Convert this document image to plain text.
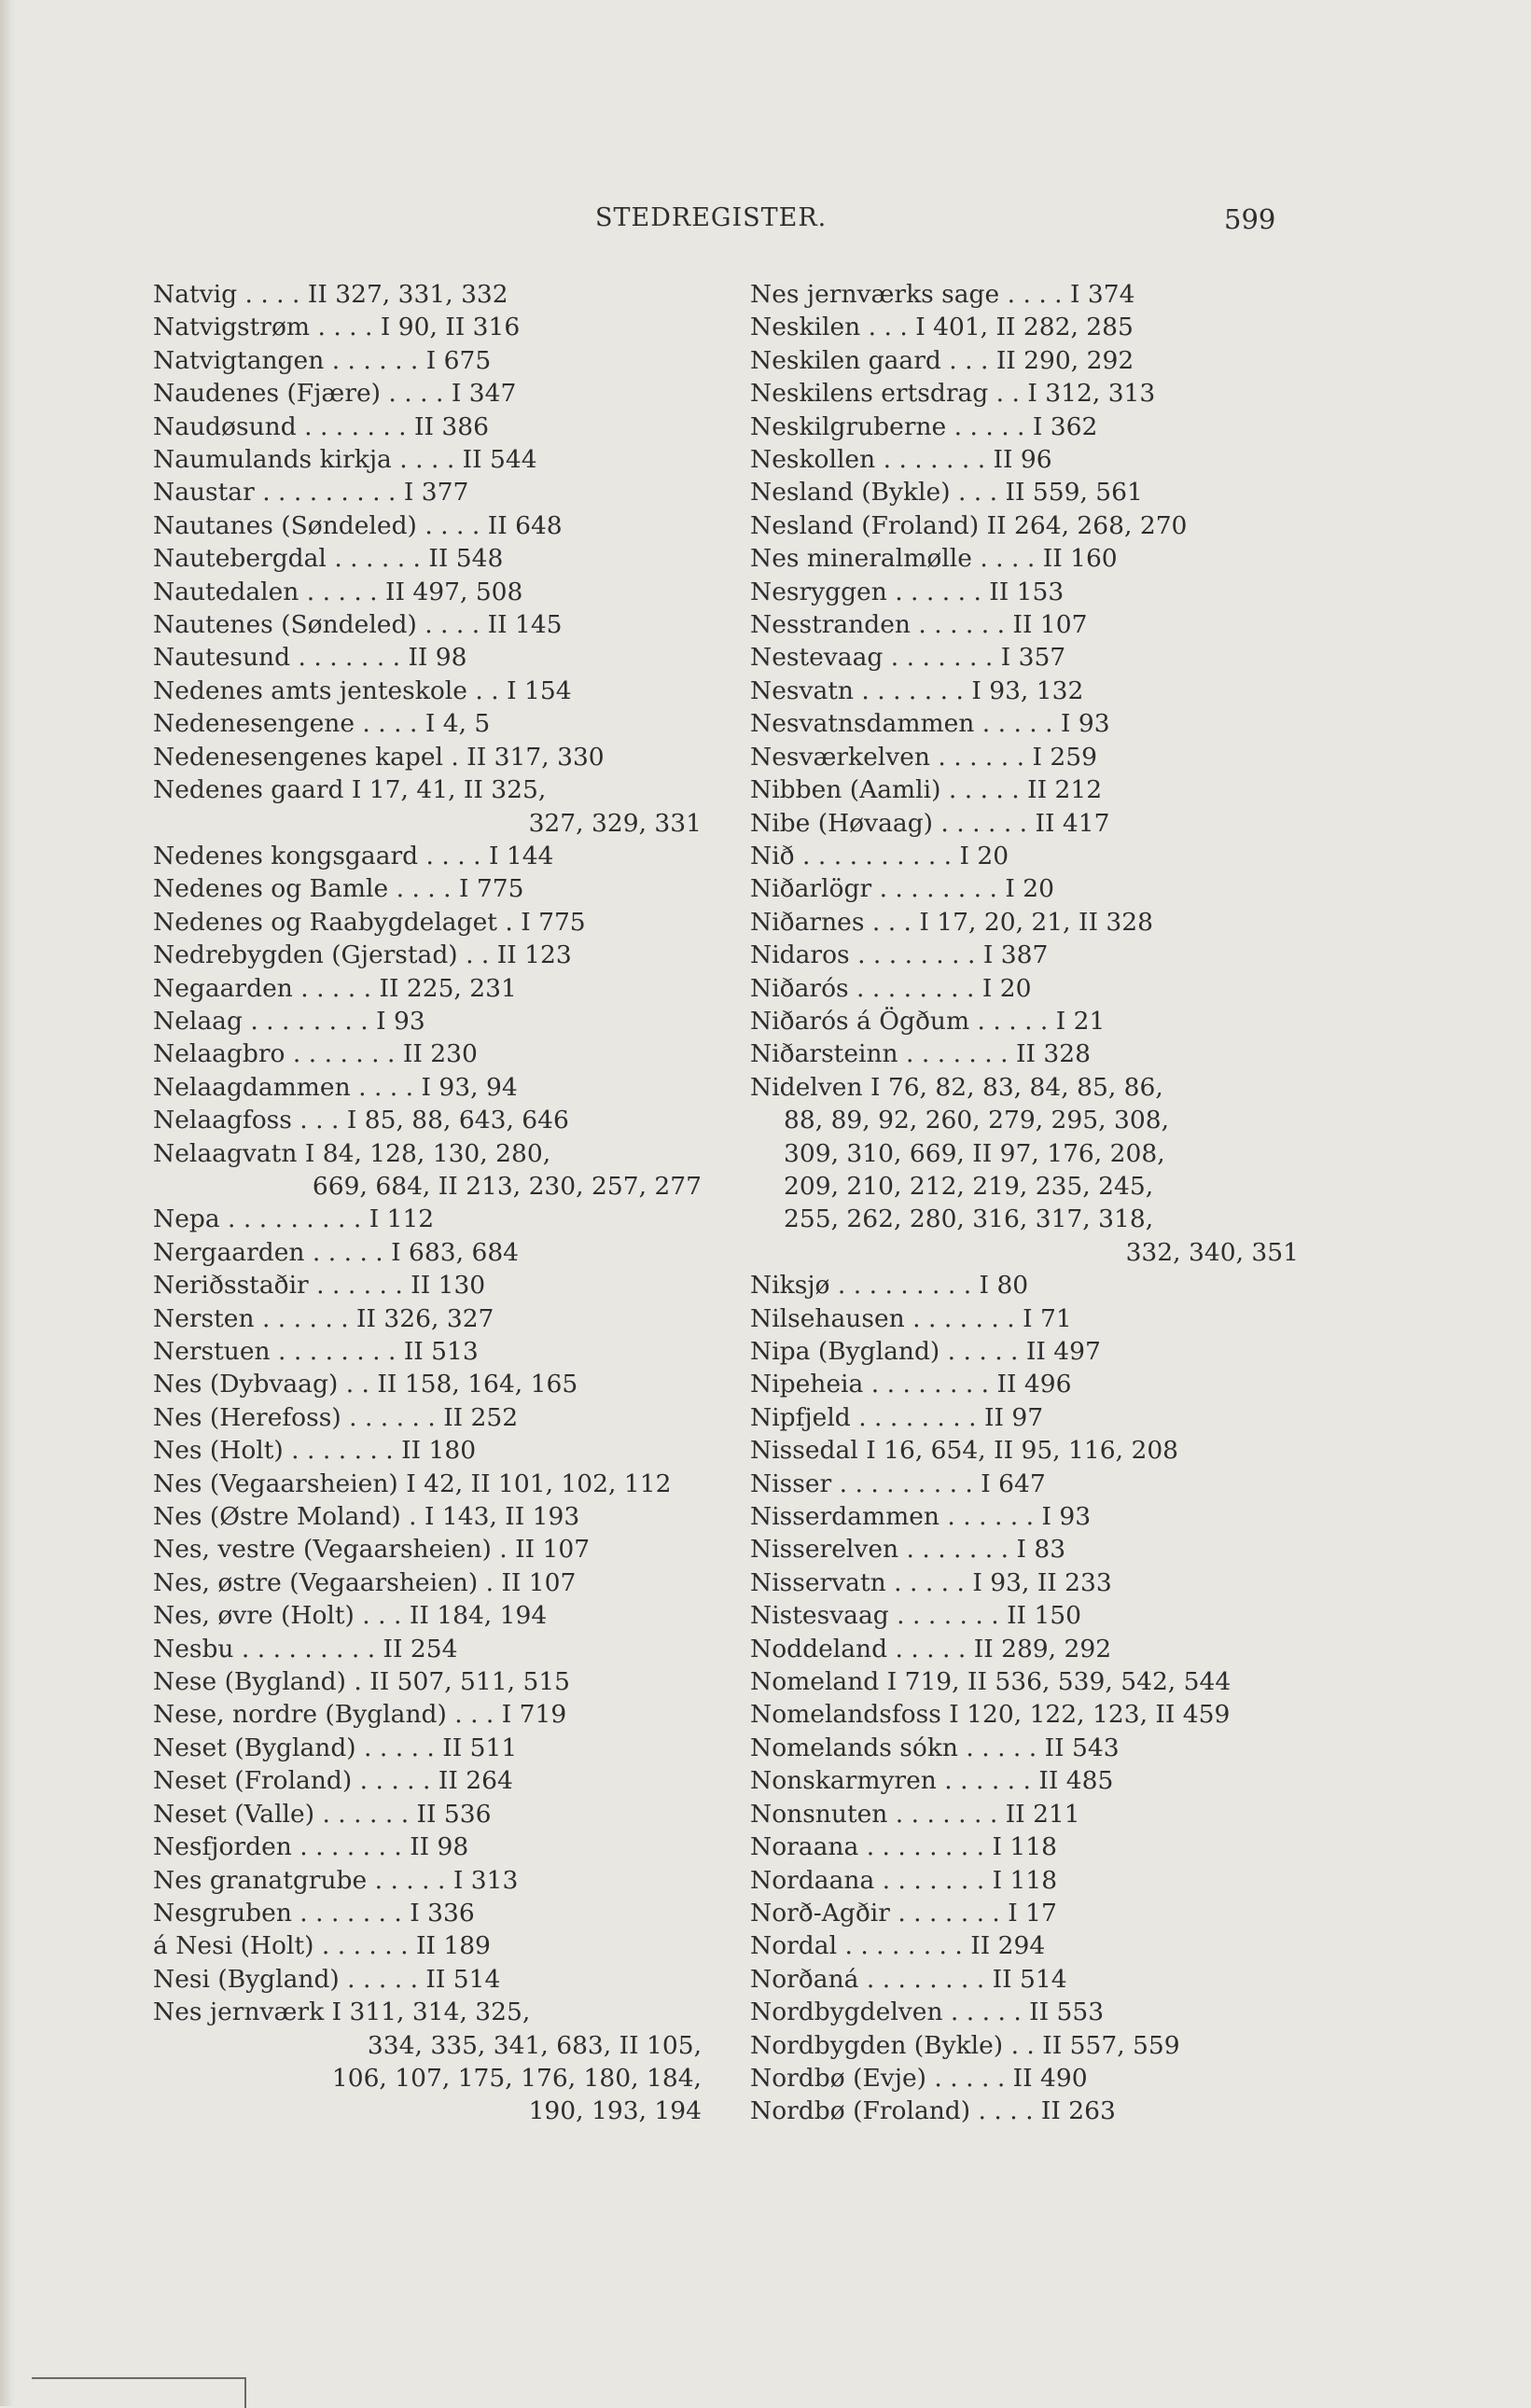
STEDREGISTER.	599
Natvig . . . . II 327, 331, 332
Natvigstrøm . . . . I 90, II 316
Natvigtangen . . . . . . I 675
Naudenes (Fjære) . . . . I 347
Naudøsund . . . . . . . II 386
Naumulands kirkja . . . . II 544
Naustar . . . . . . . . . I 377
Nautanes (Søndeled) . . . . II 648
Nautebergdal . . . . . . II 548
Nautedalen . . . . . II 497, 508
Nautenes (Søndeled) . . . . II 145
Nautesund . . . . . . . II 98
Nedenes amts jenteskole . . I 154
Nedenesengene . . . . I 4, 5
Nedenesengenes kapel . II 317, 330
Nedenes gaard I 17, 41, II 325,
327, 329, 331
Nedenes kongsgaard . . . . I 144
Nedenes og Bamle . . . . I 775
Nedenes og Raabygdelaget . I 775
Nedrebygden (Gjerstad) . . II 123
Negaarden . . . . . II 225, 231
Nelaag . . . . . . . . I 93
Nelaagbro . . . . . . . II 230
Nelaagdammen . . . . I 93, 94
Nelaagfoss . . . I 85, 88, 643, 646
Nelaagvatn I 84, 128, 130, 280,
669, 684, II 213, 230, 257, 277
Nepa . . . . . . . . . I 112
Nergaarden . . . . . I 683, 684
Neriðsstaðir . . . . . . II 130
Nersten . . . . . . II 326, 327
Nerstuen . . . . . . . . II 513
Nes (Dybvaag) . . II 158, 164, 165
Nes (Herefoss) . . . . . . II 252
Nes (Holt) . . . . . . . II 180
Nes (Vegaarsheien) I 42, II 101, 102, 112
Nes (Østre Moland) . I 143, II 193
Nes, vestre (Vegaarsheien) . II 107
Nes, østre (Vegaarsheien) . II 107
Nes, øvre (Holt) . . . II 184, 194
Nesbu . . . . . . . . . II 254
Nese (Bygland) . II 507, 511, 515
Nese, nordre (Bygland) . . . I 719
Neset (Bygland) . . . . . II 511
Neset (Froland) . . . . . II 264
Neset (Valle) . . . . . . II 536
Nesfjorden . . . . . . . II 98
Nes granatgrube . . . . . I 313
Nesgruben . . . . . . . I 336
á Nesi (Holt) . . . . . . II 189
Nesi (Bygland) . . . . . II 514
Nes jernværk I 311, 314, 325,
334, 335, 341, 683, II 105,
106, 107, 175, 176, 180, 184,
190, 193, 194
Nes jernværks sage . . . . I 374
Neskilen . . . I 401, II 282, 285
Neskilen gaard . . . II 290, 292
Neskilens ertsdrag . . I 312, 313
Neskilgruberne . . . . . I 362
Neskollen . . . . . . . II 96
Nesland (Bykle) . . . II 559, 561
Nesland (Froland) II 264, 268, 270
Nes mineralmølle . . . . II 160
Nesryggen . . . . . . II 153
Nesstranden . . . . . . II 107
Nestevaag . . . . . . . I 357
Nesvatn . . . . . . . I 93, 132
Nesvatnsdammen . . . . . I 93
Nesværkelven . . . . . . I 259
Nibben (Aamli) . . . . . II 212
Nibe (Høvaag) . . . . . . II 417
Nið . . . . . . . . . . I 20
Niðarlögr . . . . . . . . I 20
Niðarnes . . . I 17, 20, 21, II 328
Nidaros . . . . . . . . I 387
Niðarós . . . . . . . . I 20
Niðarós á Ögðum . . . . . I 21
Niðarsteinn . . . . . . . II 328
Nidelven I 76, 82, 83, 84, 85, 86,
88, 89, 92, 260, 279, 295, 308,
309, 310, 669, II 97, 176, 208,
209, 210, 212, 219, 235, 245,
255, 262, 280, 316, 317, 318,
332, 340, 351
Niksjø . . . . . . . . . I 80
Nilsehausen . . . . . . . I 71
Nipa (Bygland) . . . . . II 497
Nipeheia . . . . . . . . II 496
Nipfjeld . . . . . . . . II 97
Nissedal I 16, 654, II 95, 116, 208
Nisser . . . . . . . . . I 647
Nisserdammen . . . . . . I 93
Nisserelven . . . . . . . I 83
Nisservatn . . . . . I 93, II 233
Nistesvaag . . . . . . . II 150
Noddeland . . . . . II 289, 292
Nomeland I 719, II 536, 539, 542, 544
Nomelandsfoss I 120, 122, 123, II 459
Nomelands sókn . . . . . II 543
Nonskarmyren . . . . . . II 485
Nonsnuten . . . . . . . II 211
Noraana . . . . . . . . I 118
Nordaana . . . . . . . I 118
Norð-Agðir . . . . . . . I 17
Nordal . . . . . . . . II 294
Norðaná . . . . . . . . II 514
Nordbygdelven . . . . . II 553
Nordbygden (Bykle) . . II 557, 559
Nordbø (Evje) . . . . . II 490
Nordbø (Froland) . . . . II 263
